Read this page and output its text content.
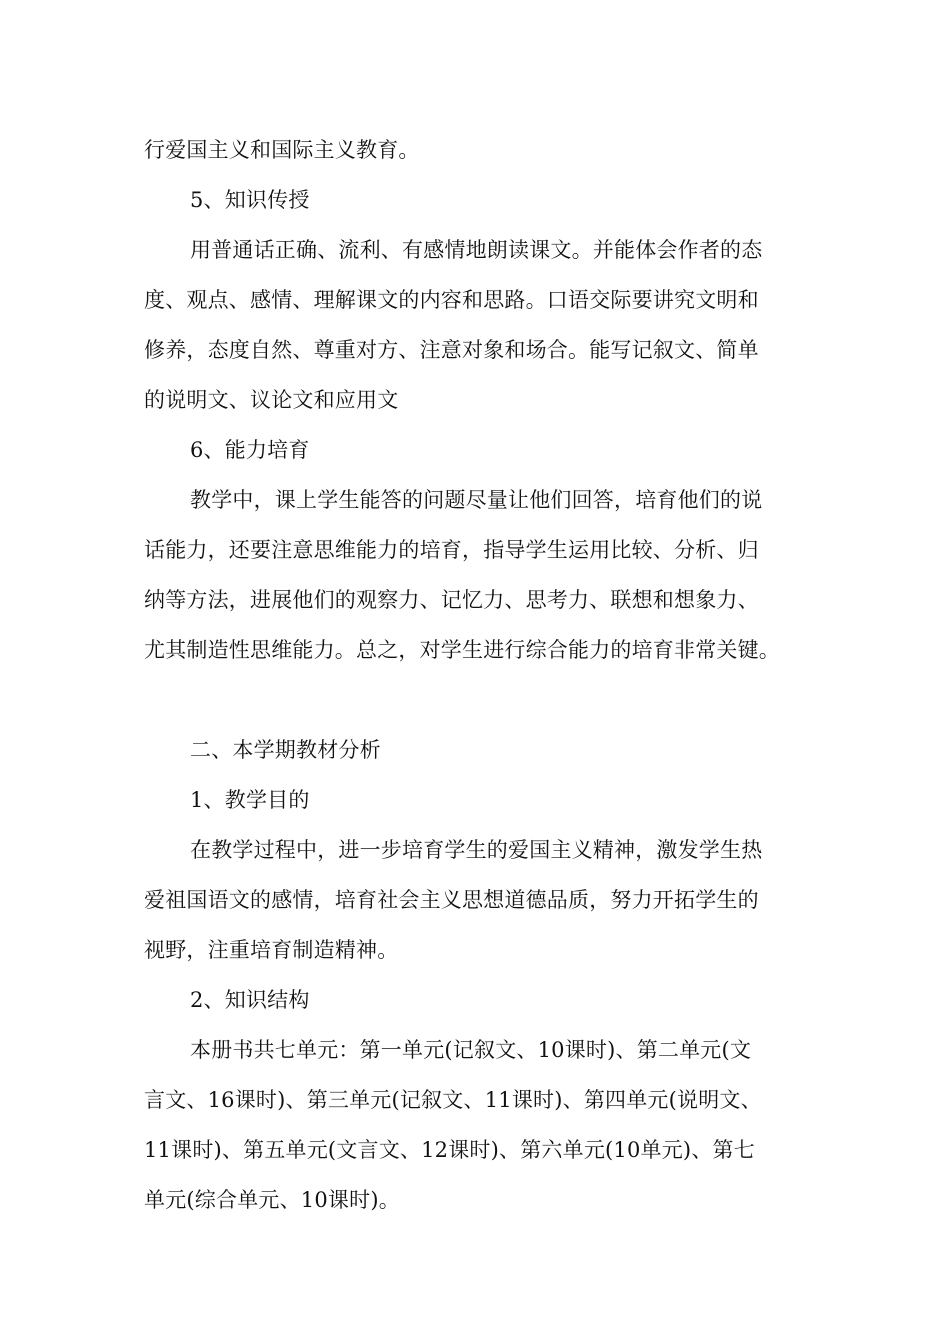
行爱国主义和国际主义教育。
5、知识传授
用普通话正确、流利、有感情地朗读课文。并能体会作者的态
度、观点、感情、理解课文的内容和思路。口语交际要讲究文明和
修养，态度自然、尊重对方、注意对象和场合。能写记叙文、简单
的说明文、议论文和应用文
6、能力培育
教学中，课上学生能答的问题尽量让他们回答，培育他们的说
话能力，还要注意思维能力的培育，指导学生运用比较、分析、归
纳等方法，进展他们的观察力、记忆力、思考力、联想和想象力、
尤其制造性思维能力。总之，对学生进行综合能力的培育非常关键。
二、本学期教材分析
1、教学目的
在教学过程中，进一步培育学生的爱国主义精神，激发学生热
爱祖国语文的感情，培育社会主义思想道德品质，努力开拓学生的
视野，注重培育制造精神。
2、知识结构
本册书共七单元：第一单元(记叙文、10课时)、第二单元(文
言文、16课时)、第三单元(记叙文、11课时)、第四单元(说明文、
11课时)、第五单元(文言文、12课时)、第六单元(10单元)、第七
单元(综合单元、10课时)。
